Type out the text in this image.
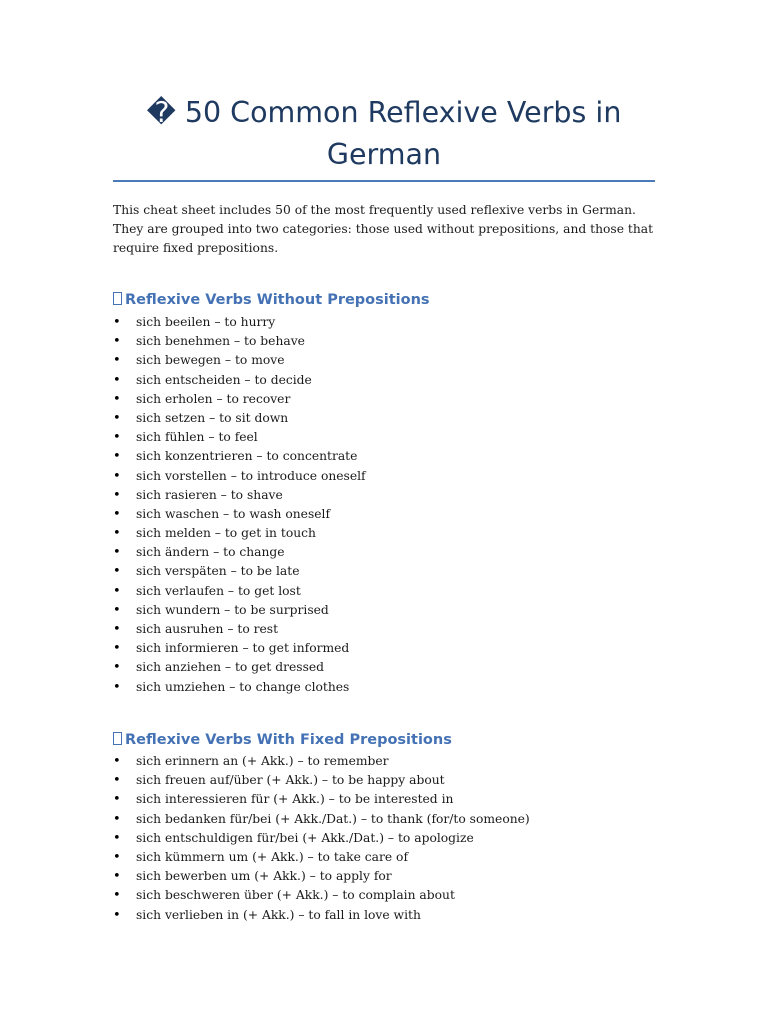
� 50 Common Reflexive Verbs in German

This cheat sheet includes 50 of the most frequently used reflexive verbs in German. They are grouped into two categories: those used without prepositions, and those that require fixed prepositions.

Reflexive Verbs Without Prepositions
• sich beeilen – to hurry
• sich benehmen – to behave
• sich bewegen – to move
• sich entscheiden – to decide
• sich erholen – to recover
• sich setzen – to sit down
• sich fühlen – to feel
• sich konzentrieren – to concentrate
• sich vorstellen – to introduce oneself
• sich rasieren – to shave
• sich waschen – to wash oneself
• sich melden – to get in touch
• sich ändern – to change
• sich verspäten – to be late
• sich verlaufen – to get lost
• sich wundern – to be surprised
• sich ausruhen – to rest
• sich informieren – to get informed
• sich anziehen – to get dressed
• sich umziehen – to change clothes
Reflexive Verbs With Fixed Prepositions
• sich erinnern an (+ Akk.) – to remember
• sich freuen auf/über (+ Akk.) – to be happy about
• sich interessieren für (+ Akk.) – to be interested in
• sich bedanken für/bei (+ Akk./Dat.) – to thank (for/to someone)
• sich entschuldigen für/bei (+ Akk./Dat.) – to apologize
• sich kümmern um (+ Akk.) – to take care of
• sich bewerben um (+ Akk.) – to apply for
• sich beschweren über (+ Akk.) – to complain about
• sich verlieben in (+ Akk.) – to fall in love with
